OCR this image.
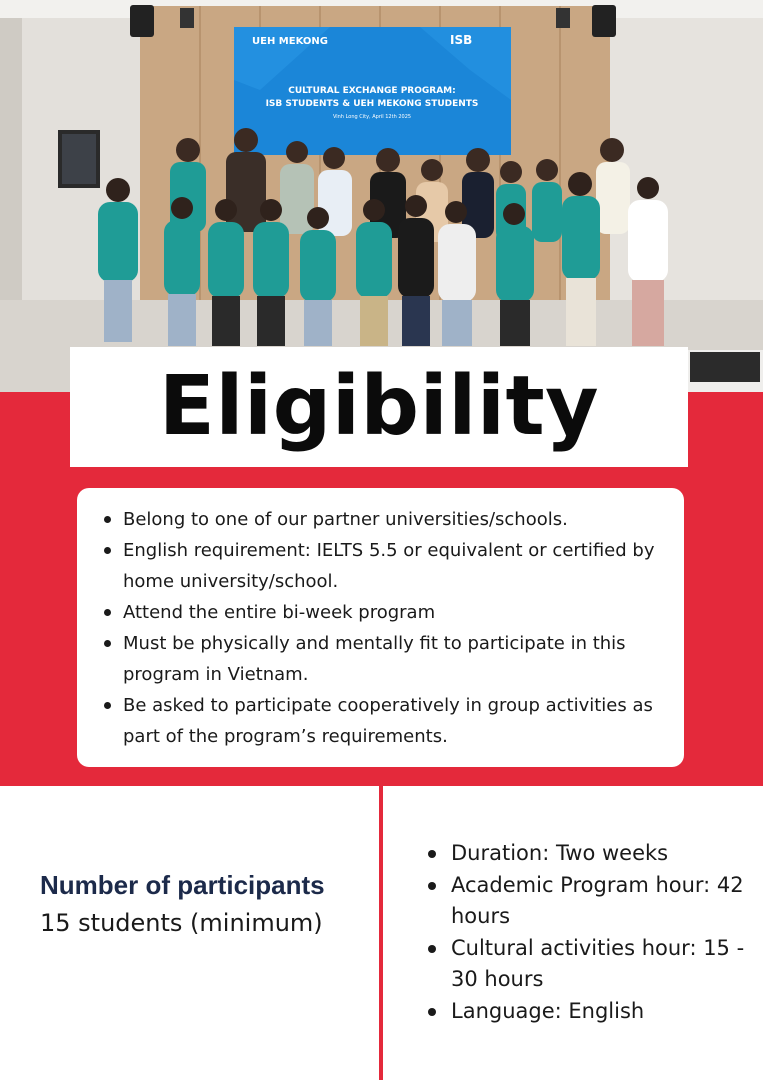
UEH MEKONG	ISB
CULTURAL EXCHANGE PROGRAM:
ISB STUDENTS & UEH MEKONG STUDENTS
Vinh Long City, April 12th 2025
Eligibility
Belong to one of our partner universities/schools.
English requirement: IELTS 5.5 or equivalent or certified by home university/school.
Attend the entire bi-week program
Must be physically and mentally fit to participate in this program in Vietnam.
Be asked to participate cooperatively in group activities as part of the program’s requirements.
Number of participants
15 students (minimum)
Duration: Two weeks
Academic Program hour: 42 hours
Cultural activities hour: 15 - 30 hours
Language: English
